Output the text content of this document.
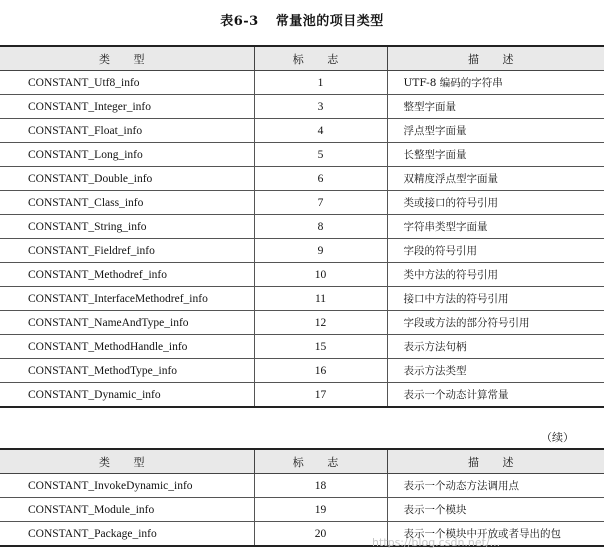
表6-3 常量池的项目类型
类 型	标 志	描 述
CONSTANT_Utf8_info	1	UTF-8 编码的字符串
CONSTANT_Integer_info	3	整型字面量
CONSTANT_Float_info	4	浮点型字面量
CONSTANT_Long_info	5	长整型字面量
CONSTANT_Double_info	6	双精度浮点型字面量
CONSTANT_Class_info	7	类或接口的符号引用
CONSTANT_String_info	8	字符串类型字面量
CONSTANT_Fieldref_info	9	字段的符号引用
CONSTANT_Methodref_info	10	类中方法的符号引用
CONSTANT_InterfaceMethodref_info	11	接口中方法的符号引用
CONSTANT_NameAndType_info	12	字段或方法的部分符号引用
CONSTANT_MethodHandle_info	15	表示方法句柄
CONSTANT_MethodType_info	16	表示方法类型
CONSTANT_Dynamic_info	17	表示一个动态计算常量
（续）
类 型	标 志	描 述
CONSTANT_InvokeDynamic_info	18	表示一个动态方法调用点
CONSTANT_Module_info	19	表示一个模块
CONSTANT_Package_info	20	表示一个模块中开放或者导出的包
https://blog.csdn.net/...
